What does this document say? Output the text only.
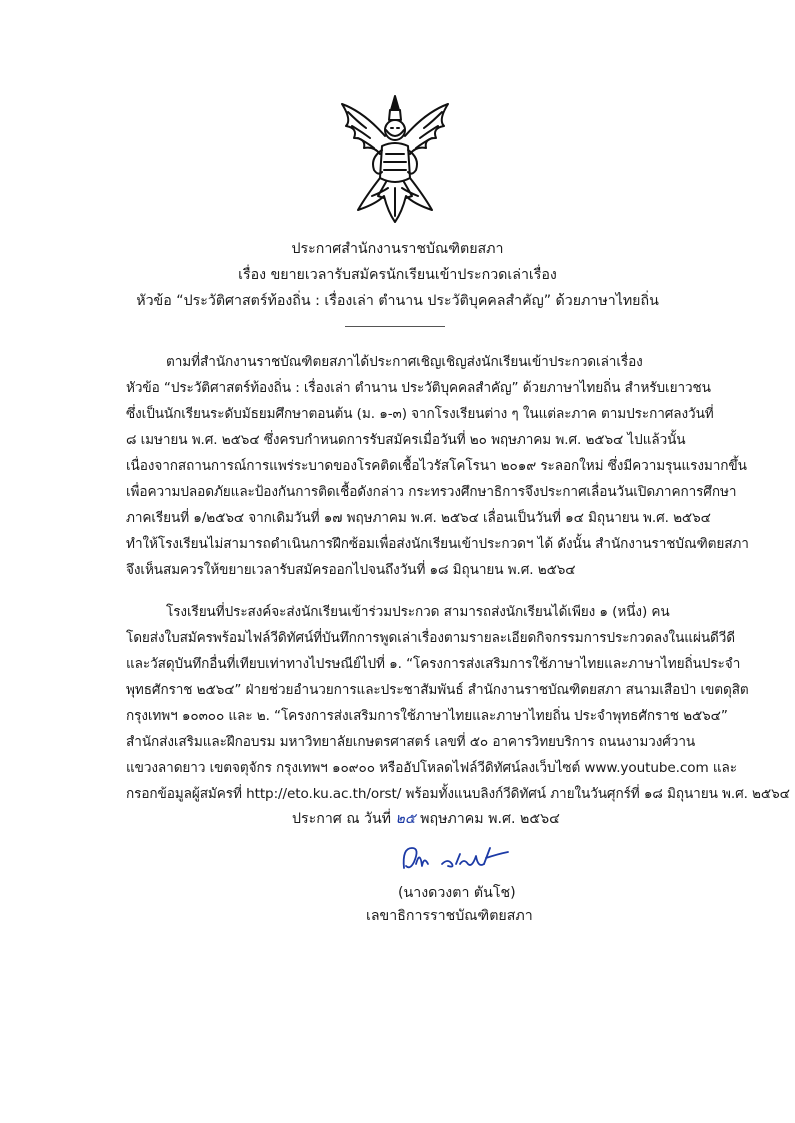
ประกาศสำนักงานราชบัณฑิตยสภา
เรื่อง ขยายเวลารับสมัครนักเรียนเข้าประกวดเล่าเรื่อง
หัวข้อ “ประวัติศาสตร์ท้องถิ่น : เรื่องเล่า ตำนาน ประวัติบุคคลสำคัญ” ด้วยภาษาไทยถิ่น
ตามที่สำนักงานราชบัณฑิตยสภาได้ประกาศเชิญเชิญส่งนักเรียนเข้าประกวดเล่าเรื่อง
หัวข้อ “ประวัติศาสตร์ท้องถิ่น : เรื่องเล่า ตำนาน ประวัติบุคคลสำคัญ” ด้วยภาษาไทยถิ่น สำหรับเยาวชน
ซึ่งเป็นนักเรียนระดับมัธยมศึกษาตอนต้น (ม. ๑-๓) จากโรงเรียนต่าง ๆ ในแต่ละภาค ตามประกาศลงวันที่
๘ เมษายน พ.ศ. ๒๕๖๔ ซึ่งครบกำหนดการรับสมัครเมื่อวันที่ ๒๐ พฤษภาคม พ.ศ. ๒๕๖๔ ไปแล้วนั้น
เนื่องจากสถานการณ์การแพร่ระบาดของโรคติดเชื้อไวรัสโคโรนา ๒๐๑๙ ระลอกใหม่ ซึ่งมีความรุนแรงมากขึ้น
เพื่อความปลอดภัยและป้องกันการติดเชื้อดังกล่าว กระทรวงศึกษาธิการจึงประกาศเลื่อนวันเปิดภาคการศึกษา
ภาคเรียนที่ ๑/๒๕๖๔ จากเดิมวันที่ ๑๗ พฤษภาคม พ.ศ. ๒๕๖๔ เลื่อนเป็นวันที่ ๑๔ มิถุนายน พ.ศ. ๒๕๖๔
ทำให้โรงเรียนไม่สามารถดำเนินการฝึกซ้อมเพื่อส่งนักเรียนเข้าประกวดฯ ได้ ดังนั้น สำนักงานราชบัณฑิตยสภา
จึงเห็นสมควรให้ขยายเวลารับสมัครออกไปจนถึงวันที่ ๑๘ มิถุนายน พ.ศ. ๒๕๖๔
โรงเรียนที่ประสงค์จะส่งนักเรียนเข้าร่วมประกวด สามารถส่งนักเรียนได้เพียง ๑ (หนึ่ง) คน
โดยส่งใบสมัครพร้อมไฟล์วีดิทัศน์ที่บันทึกการพูดเล่าเรื่องตามรายละเอียดกิจกรรมการประกวดลงในแผ่นดีวีดี
และวัสดุบันทึกอื่นที่เทียบเท่าทางไปรษณีย์ไปที่ ๑. “โครงการส่งเสริมการใช้ภาษาไทยและภาษาไทยถิ่นประจำ
พุทธศักราช ๒๕๖๔” ฝ่ายช่วยอำนวยการและประชาสัมพันธ์ สำนักงานราชบัณฑิตยสภา สนามเสือป่า เขตดุสิต
กรุงเทพฯ ๑๐๓๐๐ และ ๒. “โครงการส่งเสริมการใช้ภาษาไทยและภาษาไทยถิ่น ประจำพุทธศักราช ๒๕๖๔”
สำนักส่งเสริมและฝึกอบรม มหาวิทยาลัยเกษตรศาสตร์ เลขที่ ๕๐ อาคารวิทยบริการ ถนนงามวงศ์วาน
แขวงลาดยาว เขตจตุจักร กรุงเทพฯ ๑๐๙๐๐ หรืออัปโหลดไฟล์วีดิทัศน์ลงเว็บไซต์ www.youtube.com และ
กรอกข้อมูลผู้สมัครที่ http://eto.ku.ac.th/orst/ พร้อมทั้งแนบลิงก์วีดิทัศน์ ภายในวันศุกร์ที่ ๑๘ มิถุนายน พ.ศ. ๒๕๖๔
ประกาศ ณ วันที่ ๒๕ พฤษภาคม พ.ศ. ๒๕๖๔
(นางดวงตา ตันโช)
เลขาธิการราชบัณฑิตยสภา
